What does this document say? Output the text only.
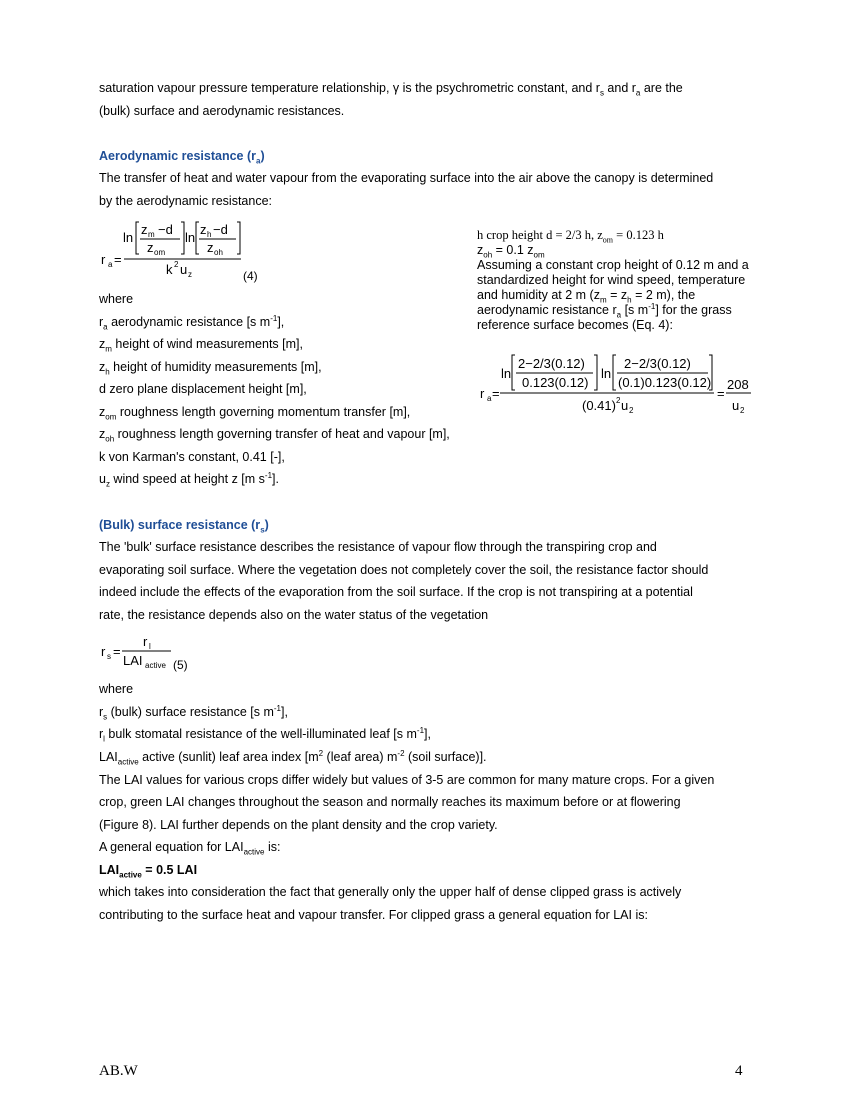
saturation vapour pressure temperature relationship, γ is the psychrometric constant, and $r_s$ and $r_a$ are the
(bulk) surface and aerodynamic resistances.
Aerodynamic resistance $(r_a)$
The transfer of heat and water vapour from the evaporating surface into the air above the canopy is determined
by the aerodynamic resistance:
r a =
ln
z m −d
z om
ln
z h −d
z oh
k 2 u z	(4)
where
$r_a$ aerodynamic resistance [s $m^{-1}$],
$z_m$ height of wind measurements [m],
$z_h$ height of humidity measurements [m],
d zero plane displacement height [m],
$z_{om}$ roughness length governing momentum transfer [m],
$z_{oh}$ roughness length governing transfer of heat and vapour [m],
k von Karman's constant, 0.41 [-],
$u_z$ wind speed at height z [m $s^{-1}$].
h crop height d = 2/3 h, $z_{om} = 0.123$ h
$z_{oh} = 0.1$ $z_{om}$
Assuming a constant crop height of 0.12 m and a
standardized height for wind speed, temperature
and humidity at 2 m ($z_m = z_h = 2$ m), the
aerodynamic resistance $r_a$ [s $m^{-1}$] for the grass
reference surface becomes (Eq. 4):
r a =
ln
2−2/3(0.12)
0.123(0.12)
ln
2−2/3(0.12)
(0.1)0.123(0.12)
(0.41) 2 u 2
=
208
u 2
(Bulk) surface resistance $(r_s)$
The 'bulk' surface resistance describes the resistance of vapour flow through the transpiring crop and
evaporating soil surface. Where the vegetation does not completely cover the soil, the resistance factor should
indeed include the effects of the evaporation from the soil surface. If the crop is not transpiring at a potential
rate, the resistance depends also on the water status of the vegetation
r s =
r l
LAI active (5)
where
$r_s$ (bulk) surface resistance [s $m^{-1}$],
$r_l$ bulk stomatal resistance of the well-illuminated leaf [s $m^{-1}$],
$LAI_{active}$ active (sunlit) leaf area index [$m^2$ (leaf area) $m^{-2}$ (soil surface)].
The LAI values for various crops differ widely but values of 3-5 are common for many mature crops. For a given
crop, green LAI changes throughout the season and normally reaches its maximum before or at flowering
(Figure 8). LAI further depends on the plant density and the crop variety.
A general equation for $LAI_{active}$ is:
$LAI_{active} = 0.5$ LAI
which takes into consideration the fact that generally only the upper half of dense clipped grass is actively
contributing to the surface heat and vapour transfer. For clipped grass a general equation for LAI is:
AB.W	4
